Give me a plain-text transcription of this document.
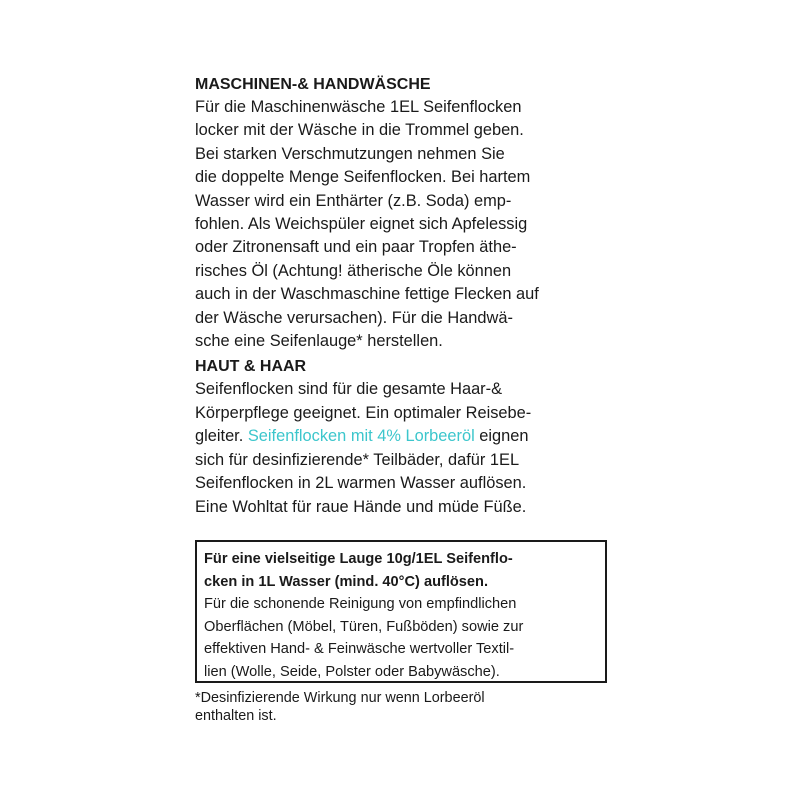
MASCHINEN-& HANDWÄSCHE

Für die Maschinenwäsche 1EL Seifenflocken
locker mit der Wäsche in die Trommel geben.
Bei starken Verschmutzungen nehmen Sie
die doppelte Menge Seifenflocken. Bei hartem
Wasser wird ein Enthärter (z.B. Soda) emp-
fohlen. Als Weichspüler eignet sich Apfelessig
oder Zitronensaft und ein paar Tropfen äthe-
risches Öl (Achtung! ätherische Öle können
auch in der Waschmaschine fettige Flecken auf
der Wäsche verursachen). Für die Handwä-
sche eine Seifenlauge* herstellen.

HAUT & HAAR

Seifenflocken sind für die gesamte Haar-&
Körperpflege geeignet. Ein optimaler Reisebe-
gleiter. Seifenflocken mit 4% Lorbeeröl eignen
sich für desinfizierende* Teilbäder, dafür 1EL
Seifenflocken in 2L warmen Wasser auflösen.
Eine Wohltat für raue Hände und müde Füße.

Für eine vielseitige Lauge 10g/1EL Seifenflo-
cken in 1L Wasser (mind. 40°C) auflösen.
Für die schonende Reinigung von empfindlichen
Oberflächen (Möbel, Türen, Fußböden) sowie zur
effektiven Hand- & Feinwäsche wertvoller Textil-
lien (Wolle, Seide, Polster oder Babywäsche).
*Desinfizierende Wirkung nur wenn Lorbeeröl
enthalten ist.
